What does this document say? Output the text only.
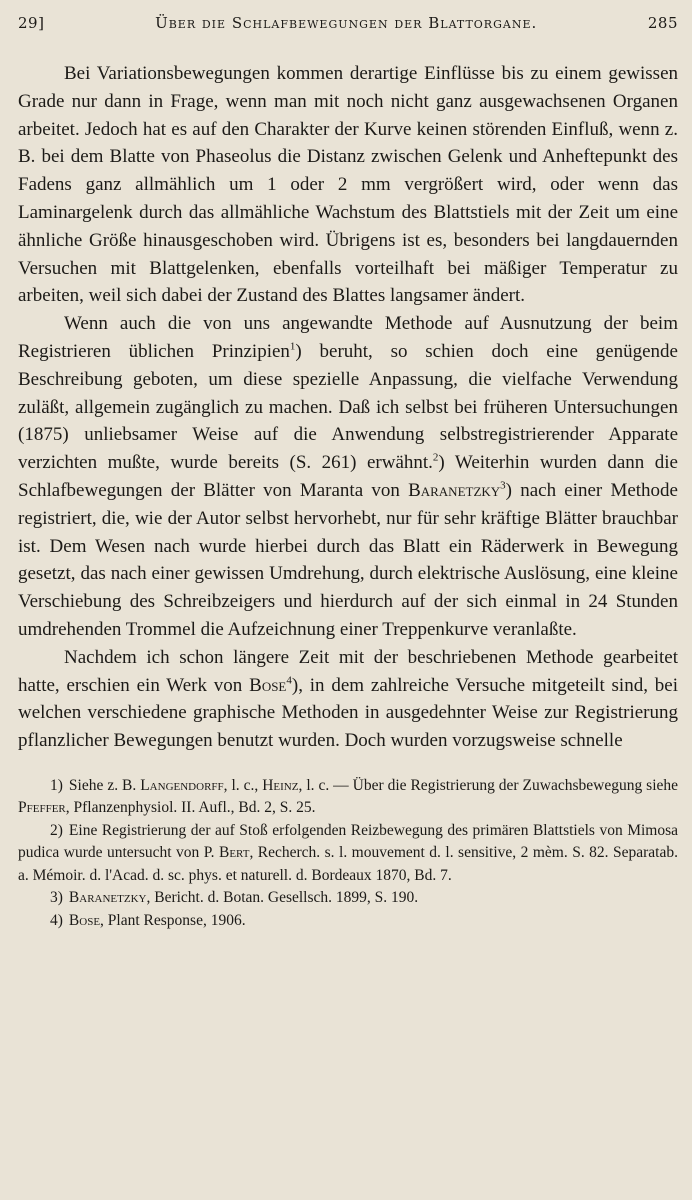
29]	Über die Schlafbewegungen der Blattorgane.	285

Bei Variationsbewegungen kommen derartige Einflüsse bis zu einem gewissen Grade nur dann in Frage, wenn man mit noch nicht ganz ausgewachsenen Organen arbeitet. Jedoch hat es auf den Charakter der Kurve keinen störenden Einfluß, wenn z. B. bei dem Blatte von Phaseolus die Distanz zwischen Gelenk und Anheftepunkt des Fadens ganz allmählich um 1 oder 2 mm vergrößert wird, oder wenn das Laminargelenk durch das allmähliche Wachstum des Blattstiels mit der Zeit um eine ähnliche Größe hinausgeschoben wird. Übrigens ist es, besonders bei langdauernden Versuchen mit Blattgelenken, ebenfalls vorteilhaft bei mäßiger Temperatur zu arbeiten, weil sich dabei der Zustand des Blattes langsamer ändert.

Wenn auch die von uns angewandte Methode auf Ausnutzung der beim Registrieren üblichen Prinzipien$^1$) beruht, so schien doch eine genügende Beschreibung geboten, um diese spezielle Anpassung, die vielfache Verwendung zuläßt, allgemein zugänglich zu machen. Daß ich selbst bei früheren Untersuchungen (1875) unliebsamer Weise auf die Anwendung selbstregistrierender Apparate verzichten mußte, wurde bereits (S. 261) erwähnt.$^2$) Weiterhin wurden dann die Schlafbewegungen der Blätter von Maranta von Baranetzky$^3$) nach einer Methode registriert, die, wie der Autor selbst hervorhebt, nur für sehr kräftige Blätter brauchbar ist. Dem Wesen nach wurde hierbei durch das Blatt ein Räderwerk in Bewegung gesetzt, das nach einer gewissen Umdrehung, durch elektrische Auslösung, eine kleine Verschiebung des Schreibzeigers und hierdurch auf der sich einmal in 24 Stunden umdrehenden Trommel die Aufzeichnung einer Treppenkurve veranlaßte.

Nachdem ich schon längere Zeit mit der beschriebenen Methode gearbeitet hatte, erschien ein Werk von Bose$^4$), in dem zahlreiche Versuche mitgeteilt sind, bei welchen verschiedene graphische Methoden in ausgedehnter Weise zur Registrierung pflanzlicher Bewegungen benutzt wurden. Doch wurden vorzugsweise schnelle

1) Siehe z. B. Langendorff, l. c., Heinz, l. c. — Über die Registrierung der Zuwachsbewegung siehe Pfeffer, Pflanzenphysiol. II. Aufl., Bd. 2, S. 25.

2) Eine Registrierung der auf Stoß erfolgenden Reizbewegung des primären Blattstiels von Mimosa pudica wurde untersucht von P. Bert, Recherch. s. l. mouvement d. l. sensitive, 2 mèm. S. 82. Separatab. a. Mémoir. d. l'Acad. d. sc. phys. et naturell. d. Bordeaux 1870, Bd. 7.

3) Baranetzky, Bericht. d. Botan. Gesellsch. 1899, S. 190.

4) Bose, Plant Response, 1906.
